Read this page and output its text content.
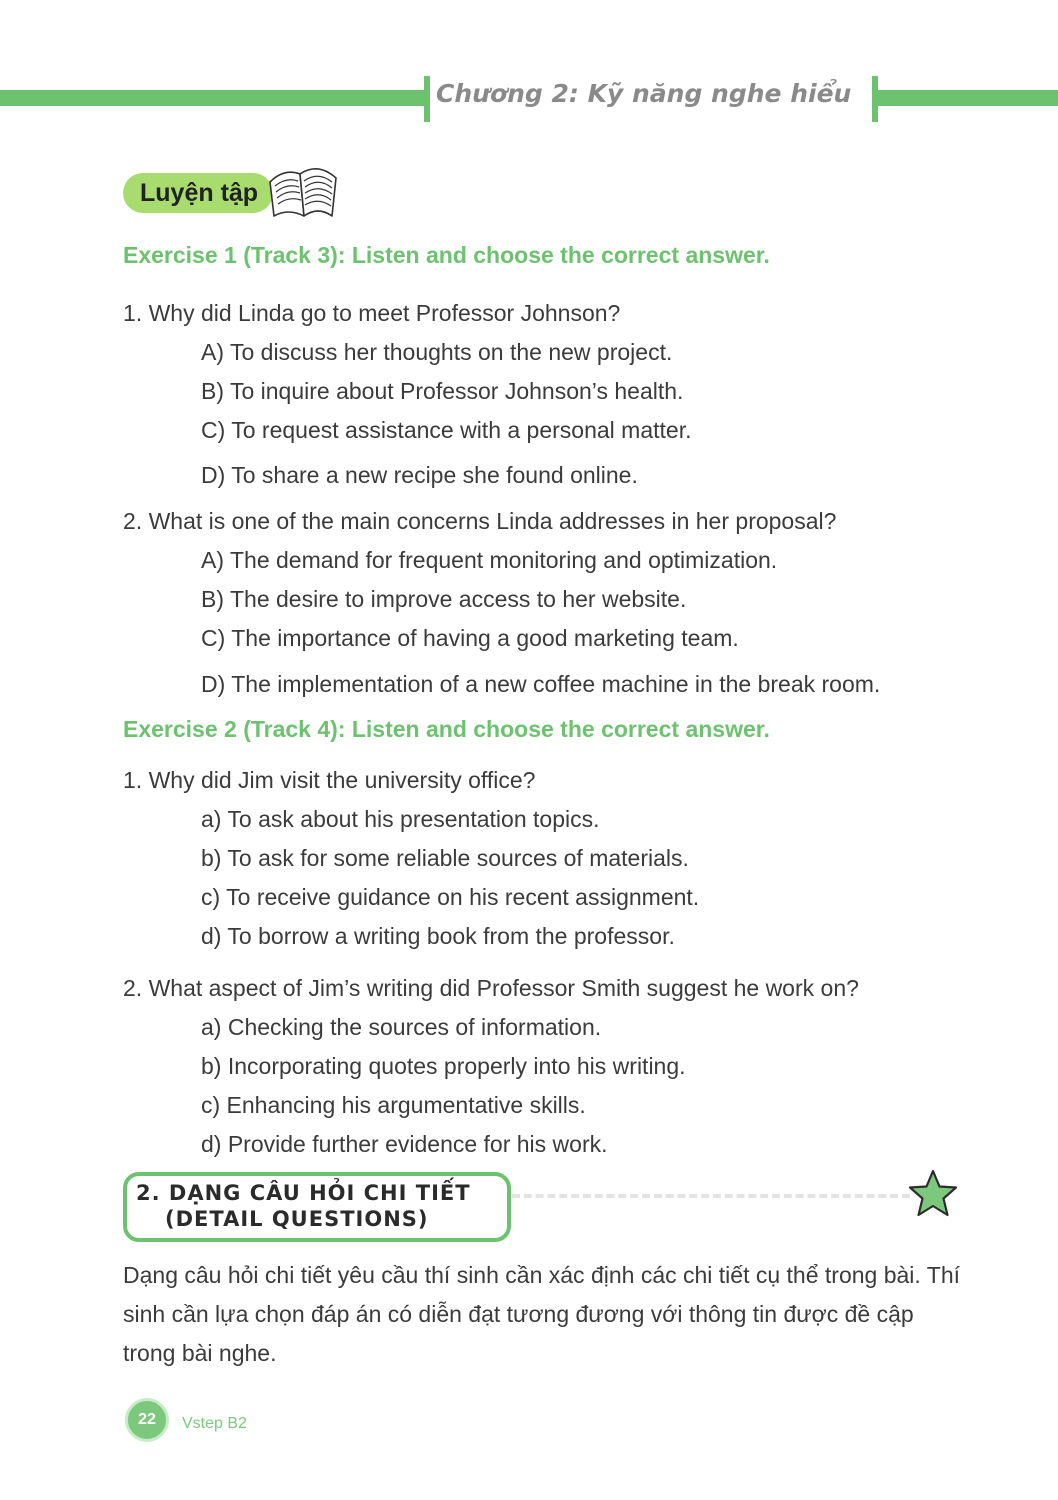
Chương 2: Kỹ năng nghe hiểu
Luyện tập
Exercise 1 (Track 3): Listen and choose the correct answer.
1. Why did Linda go to meet Professor Johnson?
A) To discuss her thoughts on the new project.
B) To inquire about Professor Johnson’s health.
C) To request assistance with a personal matter.
D) To share a new recipe she found online.
2. What is one of the main concerns Linda addresses in her proposal?
A) The demand for frequent monitoring and optimization.
B) The desire to improve access to her website.
C) The importance of having a good marketing team.
D) The implementation of a new coffee machine in the break room.
Exercise 2 (Track 4): Listen and choose the correct answer.
1. Why did Jim visit the university office?
a) To ask about his presentation topics.
b) To ask for some reliable sources of materials.
c) To receive guidance on his recent assignment.
d) To borrow a writing book from the professor.
2. What aspect of Jim’s writing did Professor Smith suggest he work on?
a) Checking the sources of information.
b) Incorporating quotes properly into his writing.
c) Enhancing his argumentative skills.
d) Provide further evidence for his work.
2. DẠNG CÂU HỎI CHI TIẾT
(DETAIL QUESTIONS)
Dạng câu hỏi chi tiết yêu cầu thí sinh cần xác định các chi tiết cụ thể trong bài. Thí sinh cần lựa chọn đáp án có diễn đạt tương đương với thông tin được đề cập trong bài nghe.
22	Vstep B2
